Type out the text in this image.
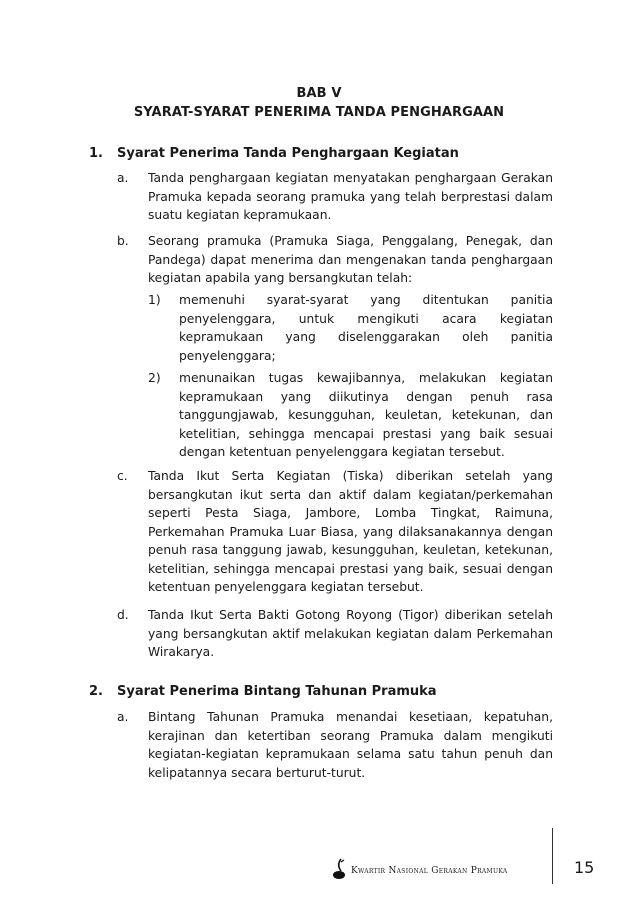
BAB V
SYARAT-SYARAT PENERIMA TANDA PENGHARGAAN
1. Syarat Penerima Tanda Penghargaan Kegiatan
a. Tanda penghargaan kegiatan menyatakan penghargaan Gerakan Pramuka kepada seorang pramuka yang telah berprestasi dalam suatu kegiatan kepramukaan.
b. Seorang pramuka (Pramuka Siaga, Penggalang, Penegak, dan Pandega) dapat menerima dan mengenakan tanda penghargaan kegiatan apabila yang bersangkutan telah:
1) memenuhi syarat-syarat yang ditentukan panitia penyelenggara, untuk mengikuti acara kegiatan kepramukaan yang diselenggarakan oleh panitia penyelenggara;
2) menunaikan tugas kewajibannya, melakukan kegiatan kepramukaan yang diikutinya dengan penuh rasa tanggungjawab, kesungguhan, keuletan, ketekunan, dan ketelitian, sehingga mencapai prestasi yang baik sesuai dengan ketentuan penyelenggara kegiatan tersebut.
c. Tanda Ikut Serta Kegiatan (Tiska) diberikan setelah yang bersangkutan ikut serta dan aktif dalam kegiatan/perkemahan seperti Pesta Siaga, Jambore, Lomba Tingkat, Raimuna, Perkemahan Pramuka Luar Biasa, yang dilaksanakannya dengan penuh rasa tanggung jawab, kesungguhan, keuletan, ketekunan, ketelitian, sehingga mencapai prestasi yang baik, sesuai dengan ketentuan penyelenggara kegiatan tersebut.
d. Tanda Ikut Serta Bakti Gotong Royong (Tigor) diberikan setelah yang bersangkutan aktif melakukan kegiatan dalam Perkemahan Wirakarya.
2. Syarat Penerima Bintang Tahunan Pramuka
a. Bintang Tahunan Pramuka menandai kesetiaan, kepatuhan, kerajinan dan ketertiban seorang Pramuka dalam mengikuti kegiatan-kegiatan kepramukaan selama satu tahun penuh dan kelipatannya secara berturut-turut.
Kwartir Nasional Gerakan Pramuka	15
